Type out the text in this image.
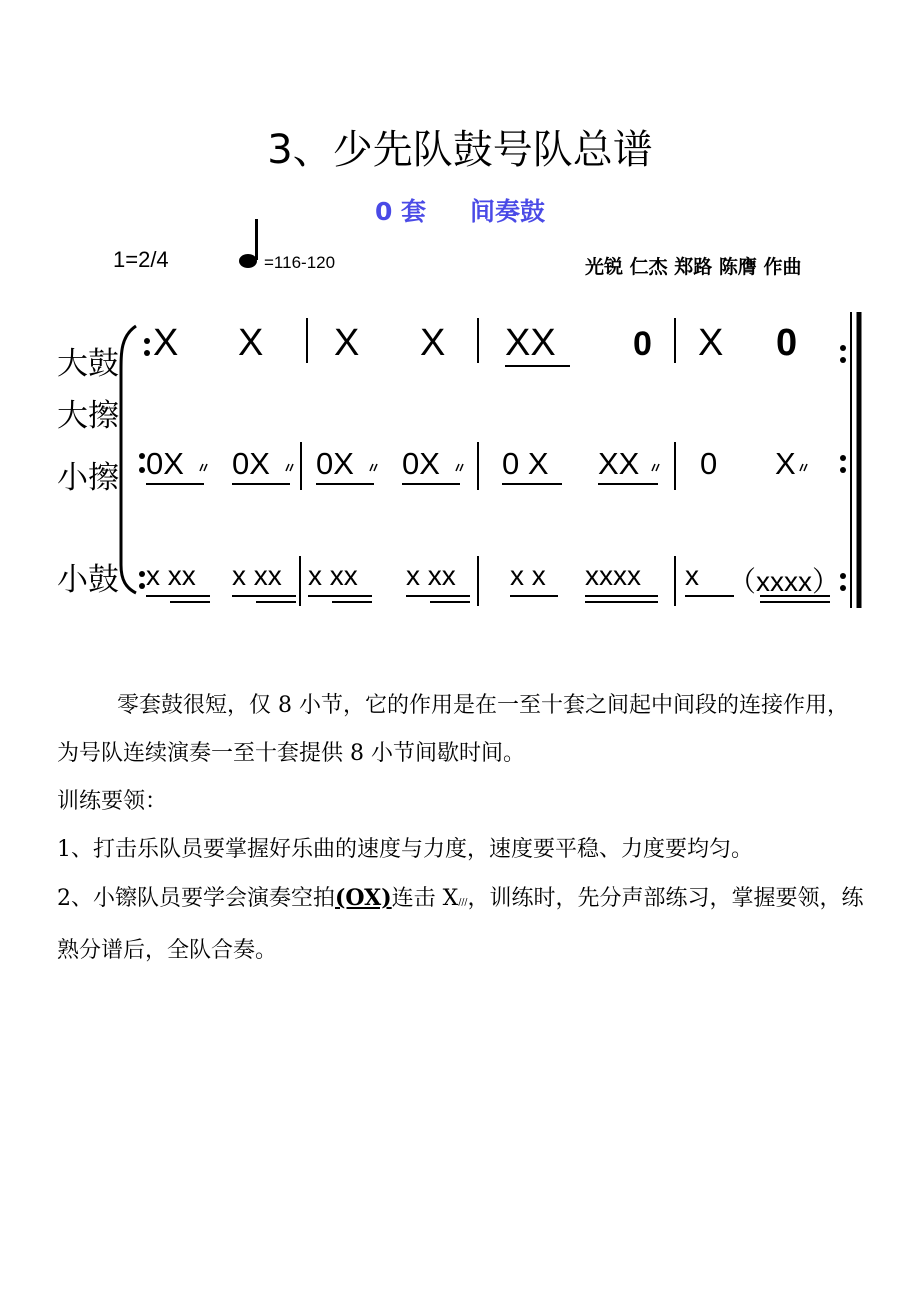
3、少先队鼓号队总谱
0 套 间奏鼓
1=2/4	=116-120	光锐 仁杰 郑路 陈膺 作曲
大鼓
大擦
小擦
小鼓
X X X X XX 0 X 0
0X 0X 0X 0X 0 X XX 0 X
x xx x xx x xx x xx x x xxxx x （xxxx）
零套鼓很短，仅 8 小节，它的作用是在一至十套之间起中间段的连接作用，为号队连续演奏一至十套提供 8 小节间歇时间。
训练要领：
1、打击乐队员要掌握好乐曲的速度与力度，速度要平稳、力度要均匀。
2、小镲队员要学会演奏空拍(OX)连击 X///，训练时，先分声部练习，掌握要领，练熟分谱后，全队合奏。
